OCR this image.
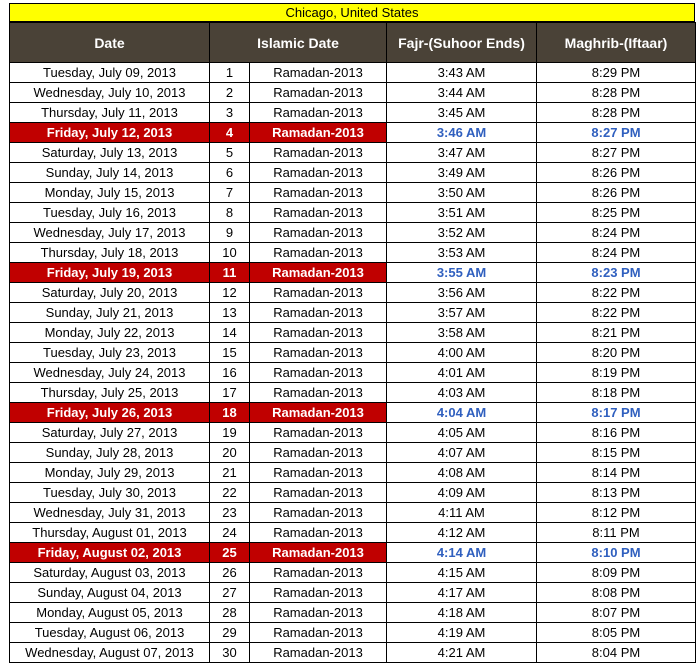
Chicago, United States
Date	Islamic Date		Fajr-(Suhoor Ends)	Maghrib-(Iftaar)
Tuesday, July 09, 2013	1	Ramadan-2013	3:43 AM	8:29 PM
Wednesday, July 10, 2013	2	Ramadan-2013	3:44 AM	8:28 PM
Thursday, July 11, 2013	3	Ramadan-2013	3:45 AM	8:28 PM
Friday, July 12, 2013	4	Ramadan-2013	3:46 AM	8:27 PM
Saturday, July 13, 2013	5	Ramadan-2013	3:47 AM	8:27 PM
Sunday, July 14, 2013	6	Ramadan-2013	3:49 AM	8:26 PM
Monday, July 15, 2013	7	Ramadan-2013	3:50 AM	8:26 PM
Tuesday, July 16, 2013	8	Ramadan-2013	3:51 AM	8:25 PM
Wednesday, July 17, 2013	9	Ramadan-2013	3:52 AM	8:24 PM
Thursday, July 18, 2013	10	Ramadan-2013	3:53 AM	8:24 PM
Friday, July 19, 2013	11	Ramadan-2013	3:55 AM	8:23 PM
Saturday, July 20, 2013	12	Ramadan-2013	3:56 AM	8:22 PM
Sunday, July 21, 2013	13	Ramadan-2013	3:57 AM	8:22 PM
Monday, July 22, 2013	14	Ramadan-2013	3:58 AM	8:21 PM
Tuesday, July 23, 2013	15	Ramadan-2013	4:00 AM	8:20 PM
Wednesday, July 24, 2013	16	Ramadan-2013	4:01 AM	8:19 PM
Thursday, July 25, 2013	17	Ramadan-2013	4:03 AM	8:18 PM
Friday, July 26, 2013	18	Ramadan-2013	4:04 AM	8:17 PM
Saturday, July 27, 2013	19	Ramadan-2013	4:05 AM	8:16 PM
Sunday, July 28, 2013	20	Ramadan-2013	4:07 AM	8:15 PM
Monday, July 29, 2013	21	Ramadan-2013	4:08 AM	8:14 PM
Tuesday, July 30, 2013	22	Ramadan-2013	4:09 AM	8:13 PM
Wednesday, July 31, 2013	23	Ramadan-2013	4:11 AM	8:12 PM
Thursday, August 01, 2013	24	Ramadan-2013	4:12 AM	8:11 PM
Friday, August 02, 2013	25	Ramadan-2013	4:14 AM	8:10 PM
Saturday, August 03, 2013	26	Ramadan-2013	4:15 AM	8:09 PM
Sunday, August 04, 2013	27	Ramadan-2013	4:17 AM	8:08 PM
Monday, August 05, 2013	28	Ramadan-2013	4:18 AM	8:07 PM
Tuesday, August 06, 2013	29	Ramadan-2013	4:19 AM	8:05 PM
Wednesday, August 07, 2013	30	Ramadan-2013	4:21 AM	8:04 PM
